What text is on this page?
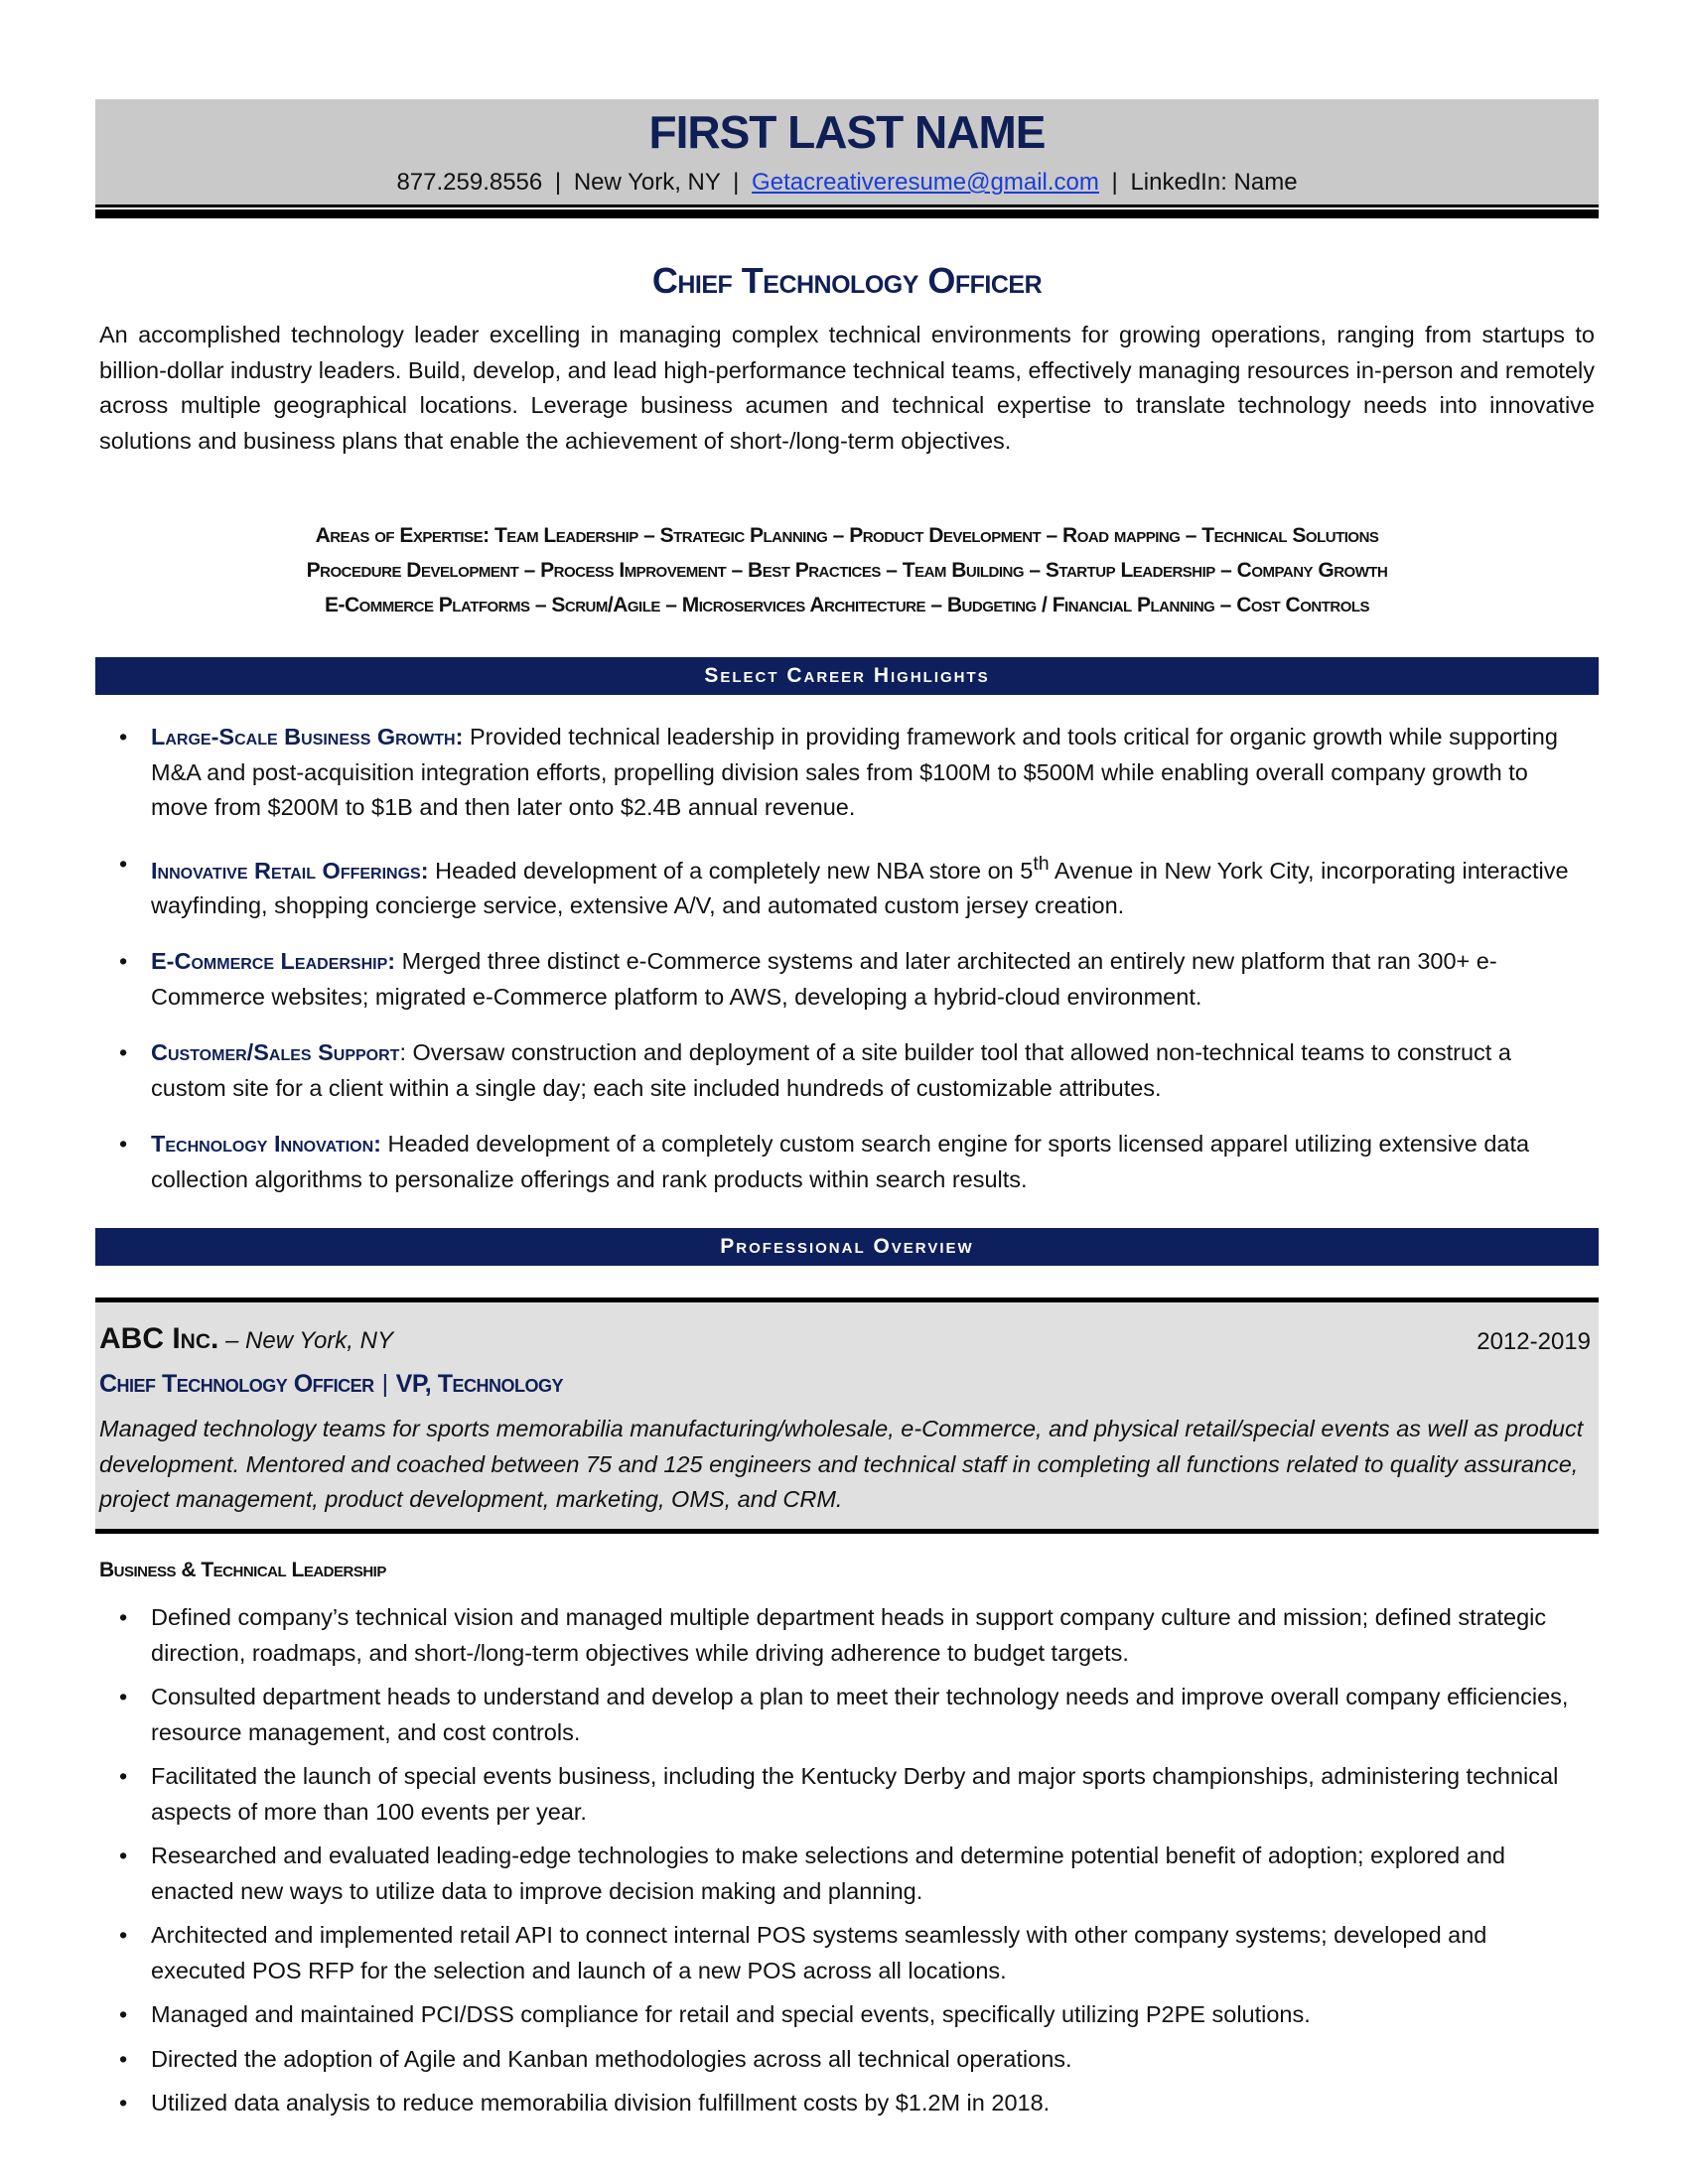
FIRST LAST NAME
877.259.8556 | New York, NY | Getacreativeresume@gmail.com | LinkedIn: Name
Chief Technology Officer
An accomplished technology leader excelling in managing complex technical environments for growing operations, ranging from startups to billion-dollar industry leaders. Build, develop, and lead high-performance technical teams, effectively managing resources in-person and remotely across multiple geographical locations. Leverage business acumen and technical expertise to translate technology needs into innovative solutions and business plans that enable the achievement of short-/long-term objectives.
Areas of Expertise: Team Leadership – Strategic Planning – Product Development – Road mapping – Technical Solutions
Procedure Development – Process Improvement – Best Practices – Team Building – Startup Leadership – Company Growth
E-Commerce Platforms – Scrum/Agile – Microservices Architecture – Budgeting / Financial Planning – Cost Controls
Select Career Highlights
• Large-Scale Business Growth: Provided technical leadership in providing framework and tools critical for organic growth while supporting M&A and post-acquisition integration efforts, propelling division sales from $100M to $500M while enabling overall company growth to move from $200M to $1B and then later onto $2.4B annual revenue.
• Innovative Retail Offerings: Headed development of a completely new NBA store on 5th Avenue in New York City, incorporating interactive wayfinding, shopping concierge service, extensive A/V, and automated custom jersey creation.
• E-Commerce Leadership: Merged three distinct e-Commerce systems and later architected an entirely new platform that ran 300+ e-Commerce websites; migrated e-Commerce platform to AWS, developing a hybrid-cloud environment.
• Customer/Sales Support: Oversaw construction and deployment of a site builder tool that allowed non-technical teams to construct a custom site for a client within a single day; each site included hundreds of customizable attributes.
• Technology Innovation: Headed development of a completely custom search engine for sports licensed apparel utilizing extensive data collection algorithms to personalize offerings and rank products within search results.
Professional Overview
ABC Inc. – New York, NY	2012-2019
Chief Technology Officer | VP, Technology
Managed technology teams for sports memorabilia manufacturing/wholesale, e-Commerce, and physical retail/special events as well as product development. Mentored and coached between 75 and 125 engineers and technical staff in completing all functions related to quality assurance, project management, product development, marketing, OMS, and CRM.
Business & Technical Leadership
• Defined company’s technical vision and managed multiple department heads in support company culture and mission; defined strategic direction, roadmaps, and short-/long-term objectives while driving adherence to budget targets.
• Consulted department heads to understand and develop a plan to meet their technology needs and improve overall company efficiencies, resource management, and cost controls.
• Facilitated the launch of special events business, including the Kentucky Derby and major sports championships, administering technical aspects of more than 100 events per year.
• Researched and evaluated leading-edge technologies to make selections and determine potential benefit of adoption; explored and enacted new ways to utilize data to improve decision making and planning.
• Architected and implemented retail API to connect internal POS systems seamlessly with other company systems; developed and executed POS RFP for the selection and launch of a new POS across all locations.
• Managed and maintained PCI/DSS compliance for retail and special events, specifically utilizing P2PE solutions.
• Directed the adoption of Agile and Kanban methodologies across all technical operations.
• Utilized data analysis to reduce memorabilia division fulfillment costs by $1.2M in 2018.
